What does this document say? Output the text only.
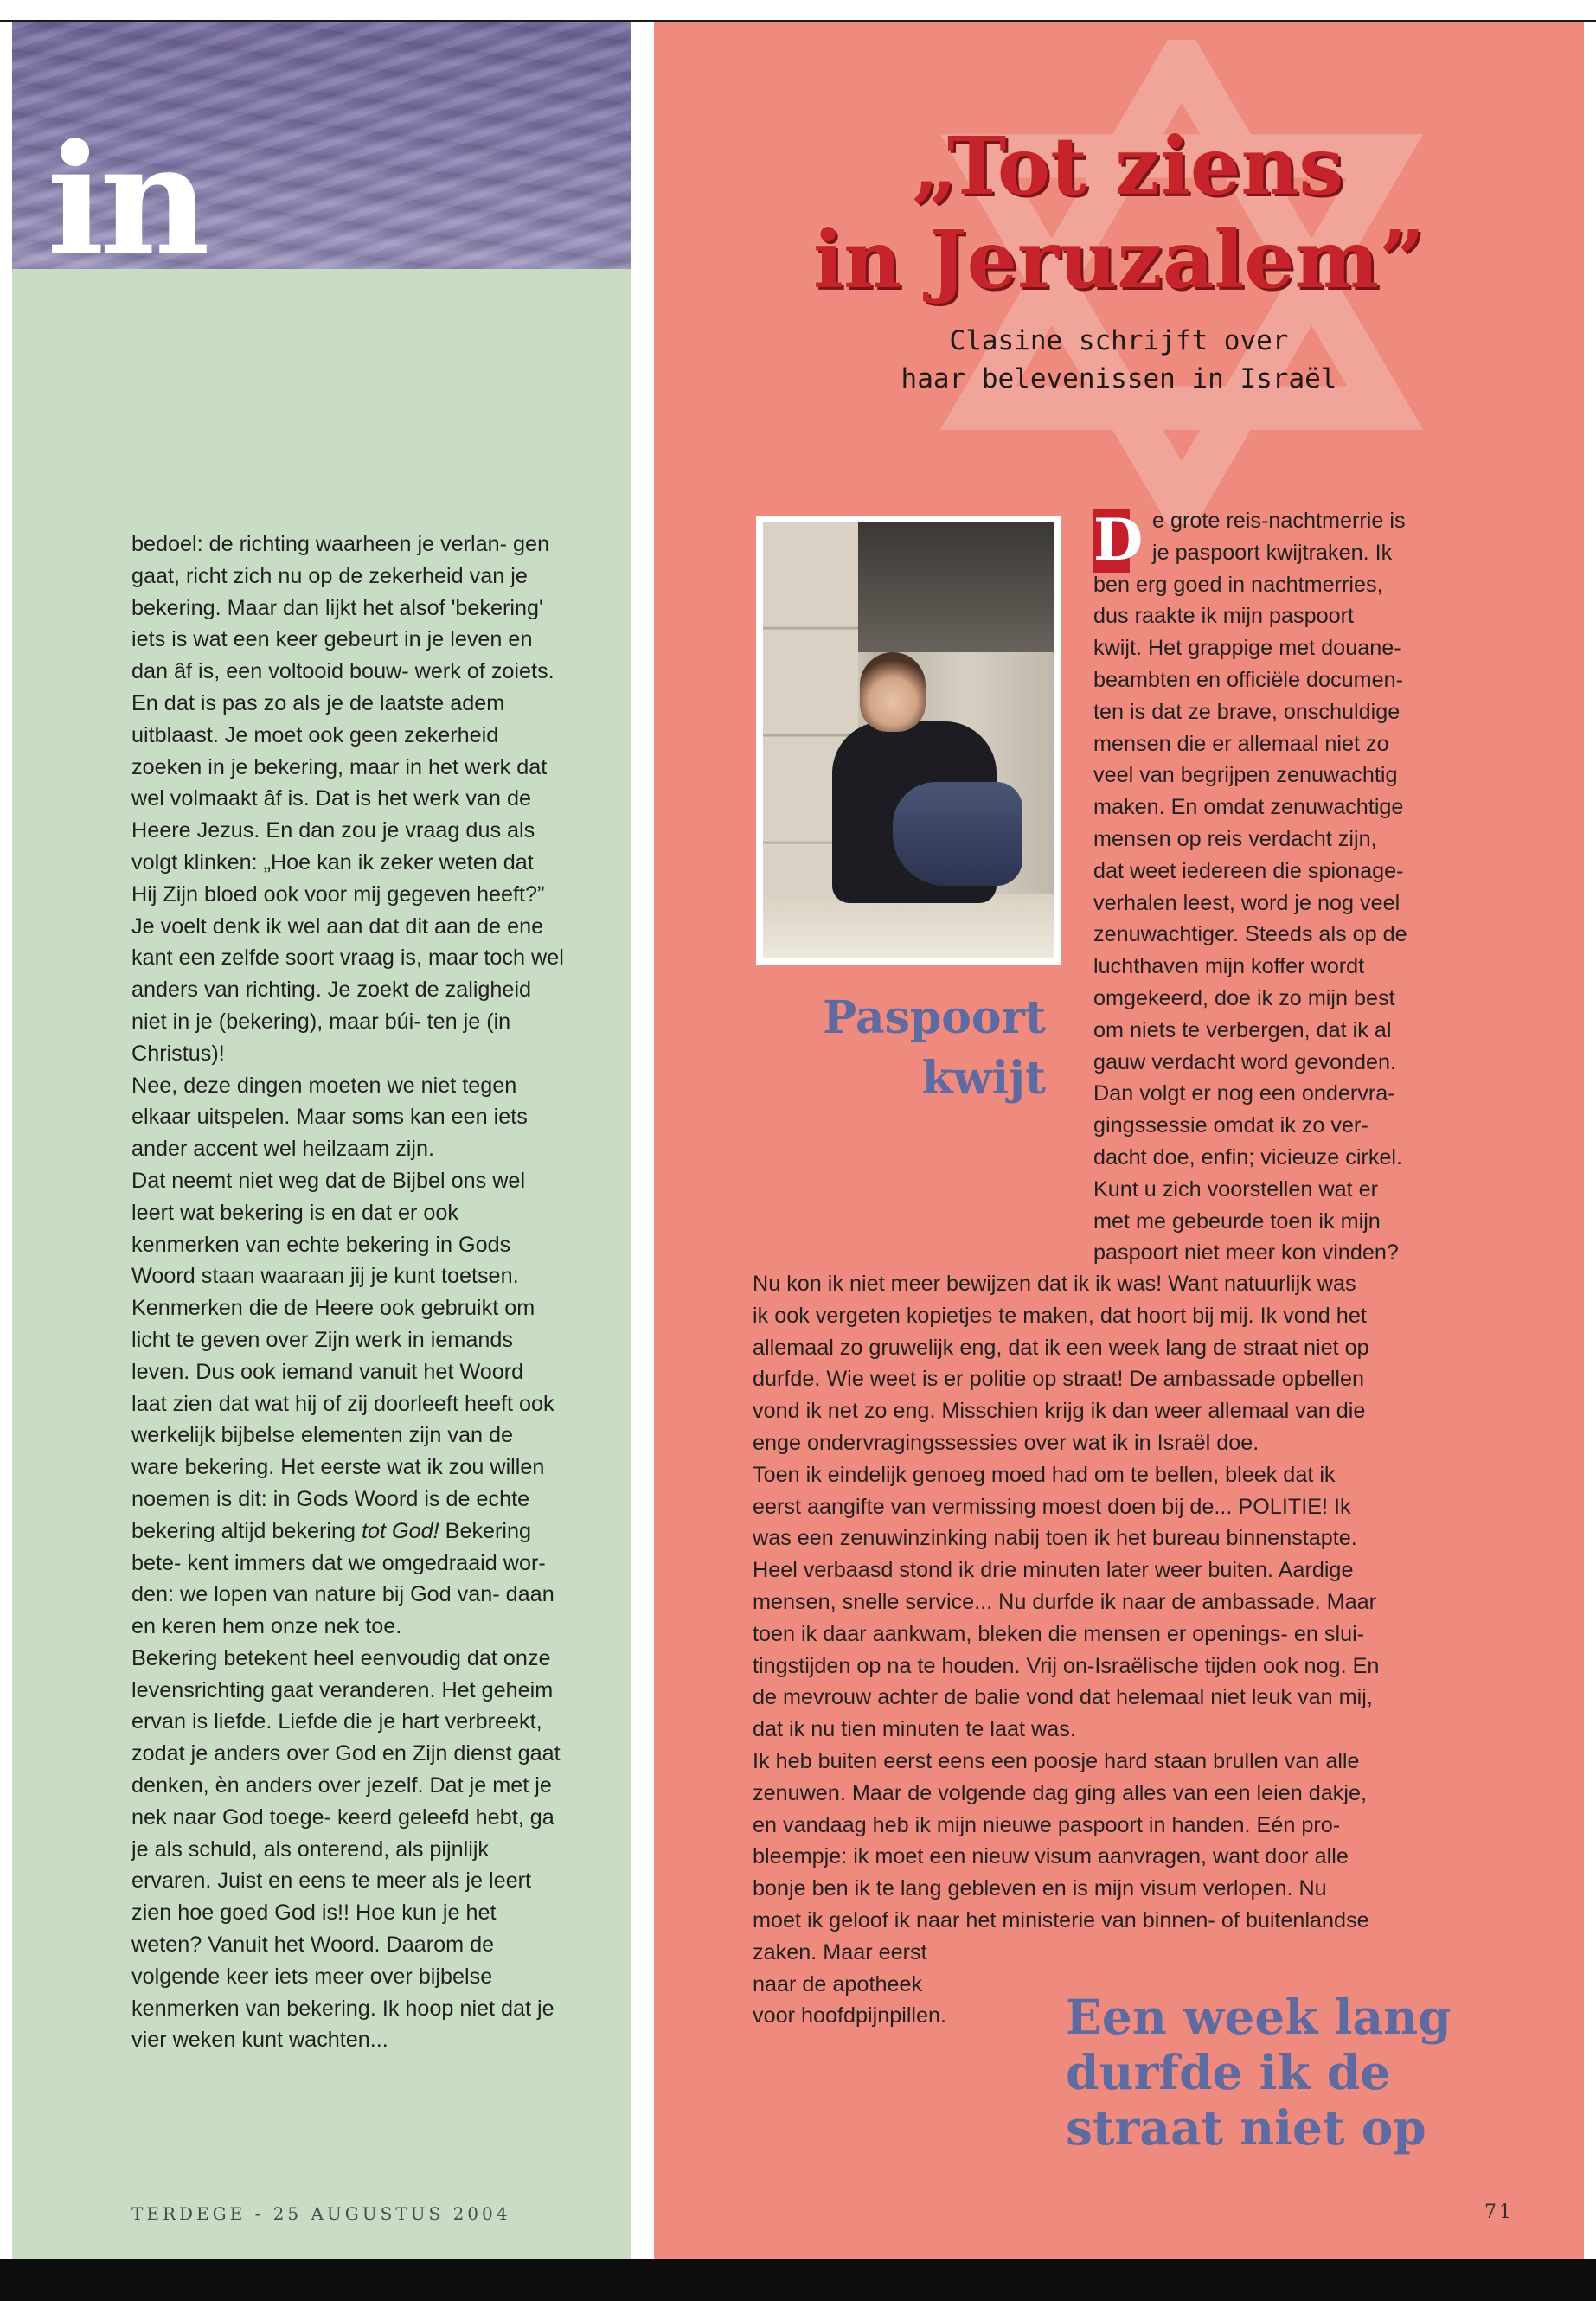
in

bedoel: de richting waarheen je verlan- gen gaat, richt zich nu op de zekerheid van je bekering. Maar dan lijkt het alsof 'bekering' iets is wat een keer gebeurt in je leven en dan âf is, een voltooid bouw- werk of zoiets. En dat is pas zo als je de laatste adem uitblaast. Je moet ook geen zekerheid zoeken in je bekering, maar in het werk dat wel volmaakt âf is. Dat is het werk van de Heere Jezus. En dan zou je vraag dus als volgt klinken: „Hoe kan ik zeker weten dat Hij Zijn bloed ook voor mij gegeven heeft?” Je voelt denk ik wel aan dat dit aan de ene kant een zelfde soort vraag is, maar toch wel anders van richting. Je zoekt de zaligheid niet in je (bekering), maar búi- ten je (in Christus)!

Nee, deze dingen moeten we niet tegen elkaar uitspelen. Maar soms kan een iets ander accent wel heilzaam zijn.

Dat neemt niet weg dat de Bijbel ons wel leert wat bekering is en dat er ook kenmerken van echte bekering in Gods Woord staan waaraan jij je kunt toetsen. Kenmerken die de Heere ook gebruikt om licht te geven over Zijn werk in iemands leven. Dus ook iemand vanuit het Woord laat zien dat wat hij of zij doorleeft heeft ook werkelijk bijbelse elementen zijn van de ware bekering. Het eerste wat ik zou willen noemen is dit: in Gods Woord is de echte bekering altijd bekering tot God! Bekering bete- kent immers dat we omgedraaid wor- den: we lopen van nature bij God van- daan en keren hem onze nek toe.

Bekering betekent heel eenvoudig dat onze levensrichting gaat veranderen. Het geheim ervan is liefde. Liefde die je hart verbreekt, zodat je anders over God en Zijn dienst gaat denken, èn anders over jezelf. Dat je met je nek naar God toege- keerd geleefd hebt, ga je als schuld, als onterend, als pijnlijk ervaren. Juist en eens te meer als je leert zien hoe goed God is!! Hoe kun je het weten? Vanuit het Woord. Daarom de volgende keer iets meer over bijbelse kenmerken van bekering. Ik hoop niet dat je vier weken kunt wachten...

TERDEGE - 25 AUGUSTUS 2004
„Tot ziens
in Jeruzalem”
Clasine schrijft over
haar belevenissen in Israël
Paspoort
kwijt
e grote reis-nachtmerrie is
je paspoort kwijtraken. Ik
ben erg goed in nachtmerries,
dus raakte ik mijn paspoort
kwijt. Het grappige met douane-
beambten en officiële documen-
ten is dat ze brave, onschuldige
mensen die er allemaal niet zo
veel van begrijpen zenuwachtig
maken. En omdat zenuwachtige
mensen op reis verdacht zijn,
dat weet iedereen die spionage-
verhalen leest, word je nog veel
zenuwachtiger. Steeds als op de
luchthaven mijn koffer wordt
omgekeerd, doe ik zo mijn best
om niets te verbergen, dat ik al
gauw verdacht word gevonden.
Dan volgt er nog een ondervra-
gingssessie omdat ik zo ver-
dacht doe, enfin; vicieuze cirkel.
Kunt u zich voorstellen wat er
met me gebeurde toen ik mijn
paspoort niet meer kon vinden?
D
Nu kon ik niet meer bewijzen dat ik ik was! Want natuurlijk was
ik ook vergeten kopietjes te maken, dat hoort bij mij. Ik vond het
allemaal zo gruwelijk eng, dat ik een week lang de straat niet op
durfde. Wie weet is er politie op straat! De ambassade opbellen
vond ik net zo eng. Misschien krijg ik dan weer allemaal van die
enge ondervragingssessies over wat ik in Israël doe.
Toen ik eindelijk genoeg moed had om te bellen, bleek dat ik
eerst aangifte van vermissing moest doen bij de... POLITIE! Ik
was een zenuwinzinking nabij toen ik het bureau binnenstapte.
Heel verbaasd stond ik drie minuten later weer buiten. Aardige
mensen, snelle service... Nu durfde ik naar de ambassade. Maar
toen ik daar aankwam, bleken die mensen er openings- en slui-
tingstijden op na te houden. Vrij on-Israëlische tijden ook nog. En
de mevrouw achter de balie vond dat helemaal niet leuk van mij,
dat ik nu tien minuten te laat was.
Ik heb buiten eerst eens een poosje hard staan brullen van alle
zenuwen. Maar de volgende dag ging alles van een leien dakje,
en vandaag heb ik mijn nieuwe paspoort in handen. Eén pro-
bleempje: ik moet een nieuw visum aanvragen, want door alle
bonje ben ik te lang gebleven en is mijn visum verlopen. Nu
moet ik geloof ik naar het ministerie van binnen- of buitenlandse
zaken. Maar eerst
naar de apotheek
voor hoofdpijnpillen.	Een week lang
durfde ik de
straat niet op
71
